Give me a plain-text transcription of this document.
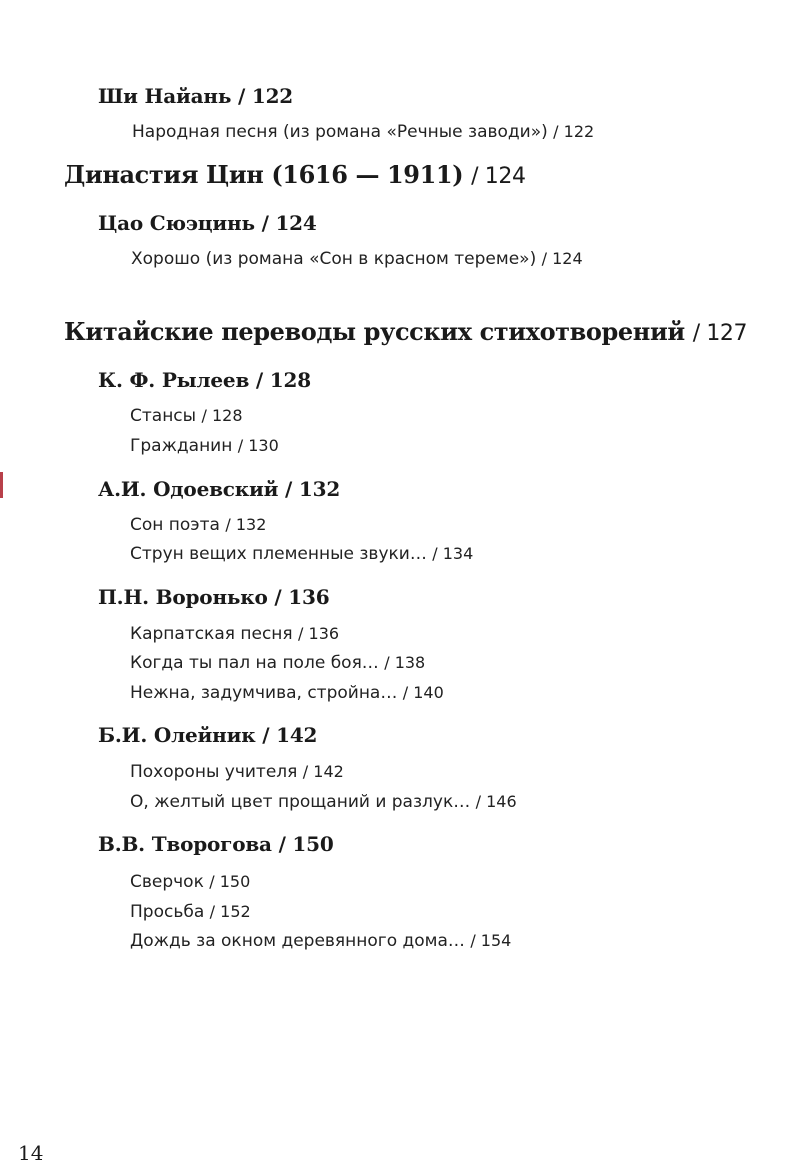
Ши Найань / 122
Народная песня (из романа «Речные заводи») / 122
Династия Цин (1616 — 1911) / 124
Цао Сюэцинь / 124
Хорошо (из романа «Сон в красном тереме») / 124
Китайские переводы русских стихотворений / 127
К. Ф. Рылеев / 128
Стансы / 128
Гражданин / 130
А.И. Одоевский / 132
Сон поэта / 132
Струн вещих племенные звуки… / 134
П.Н. Воронько / 136
Карпатская песня / 136
Когда ты пал на поле боя… / 138
Нежна, задумчива, стройна… / 140
Б.И. Олейник / 142
Похороны учителя / 142
О, желтый цвет прощаний и разлук… / 146
В.В. Творогова / 150
Сверчок / 150
Просьба / 152
Дождь за окном деревянного дома… / 154
14
